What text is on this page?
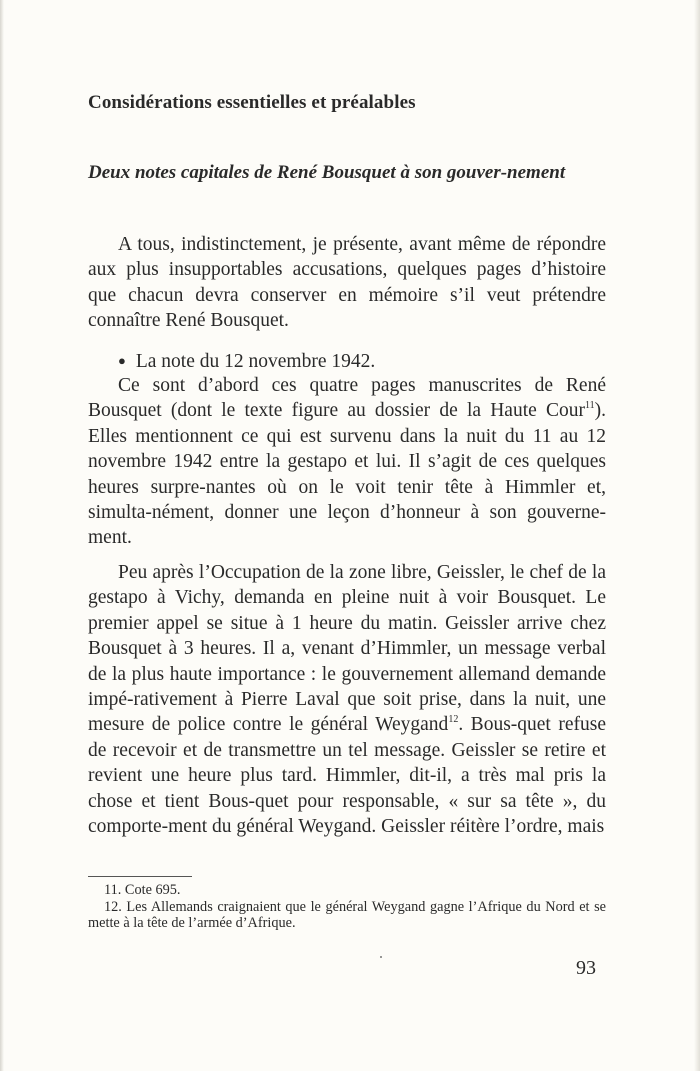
Considérations essentielles et préalables
Deux notes capitales de René Bousquet à son gouver-nement

A tous, indistinctement, je présente, avant même de répondre aux plus insupportables accusations, quelques pages d’histoire que chacun devra conserver en mémoire s’il veut prétendre connaître René Bousquet.

● La note du 12 novembre 1942.

Ce sont d’abord ces quatre pages manuscrites de René Bousquet (dont le texte figure au dossier de la Haute Cour$^{11}$). Elles mentionnent ce qui est survenu dans la nuit du 11 au 12 novembre 1942 entre la gestapo et lui. Il s’agit de ces quelques heures surpre-nantes où on le voit tenir tête à Himmler et, simulta-nément, donner une leçon d’honneur à son gouverne-ment.

Peu après l’Occupation de la zone libre, Geissler, le chef de la gestapo à Vichy, demanda en pleine nuit à voir Bousquet. Le premier appel se situe à 1 heure du matin. Geissler arrive chez Bousquet à 3 heures. Il a, venant d’Himmler, un message verbal de la plus haute importance : le gouvernement allemand demande impé-rativement à Pierre Laval que soit prise, dans la nuit, une mesure de police contre le général Weygand$^{12}$. Bous-quet refuse de recevoir et de transmettre un tel message. Geissler se retire et revient une heure plus tard. Himmler, dit-il, a très mal pris la chose et tient Bous-quet pour responsable, « sur sa tête », du comporte-ment du général Weygand. Geissler réitère l’ordre, mais

11. Cote 695.

12. Les Allemands craignaient que le général Weygand gagne l’Afrique du Nord et se mette à la tête de l’armée d’Afrique.

93
